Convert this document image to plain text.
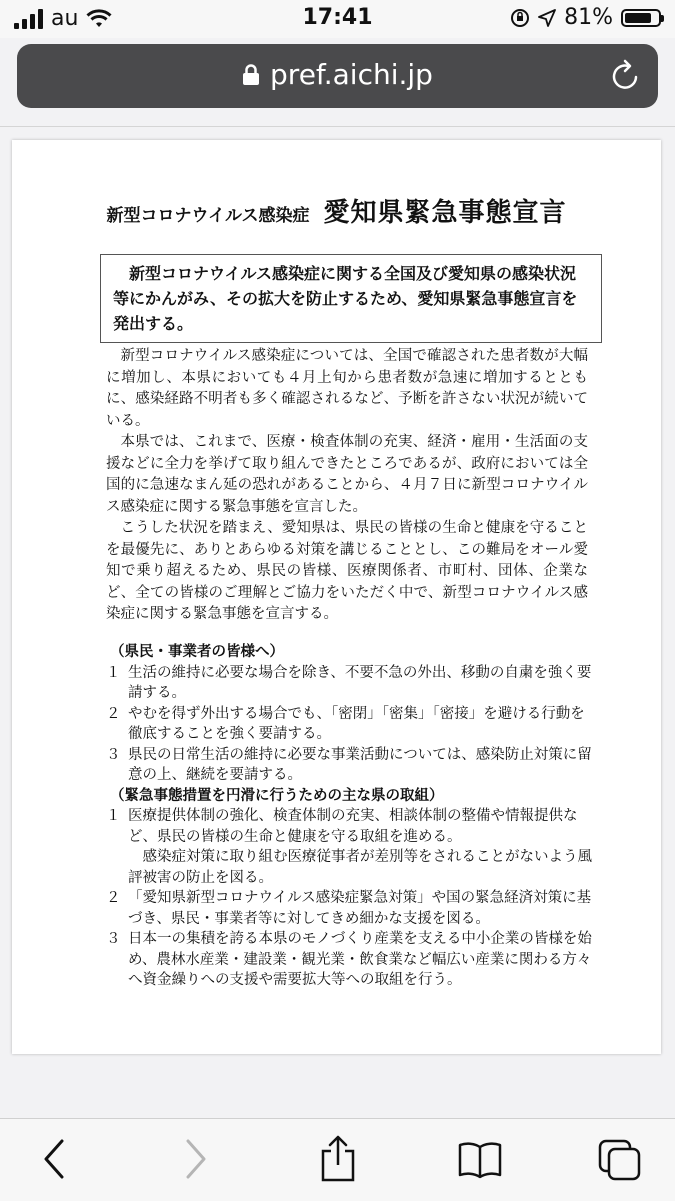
au	17:41	81%
pref.aichi.jp
新型コロナウイルス感染症 愛知県緊急事態宣言
新型コロナウイルス感染症に関する全国及び愛知県の感染状況等にかんがみ、その拡大を防止するため、愛知県緊急事態宣言を発出する。

新型コロナウイルス感染症については、全国で確認された患者数が大幅に増加し、本県においても４月上旬から患者数が急速に増加するとともに、感染経路不明者も多く確認されるなど、予断を許さない状況が続いている。

本県では、これまで、医療・検査体制の充実、経済・雇用・生活面の支援などに全力を挙げて取り組んできたところであるが、政府においては全国的に急速なまん延の恐れがあることから、４月７日に新型コロナウイルス感染症に関する緊急事態を宣言した。

こうした状況を踏まえ、愛知県は、県民の皆様の生命と健康を守ることを最優先に、ありとあらゆる対策を講じることとし、この難局をオール愛知で乗り超えるため、県民の皆様、医療関係者、市町村、団体、企業など、全ての皆様のご理解とご協力をいただく中で、新型コロナウイルス感染症に関する緊急事態を宣言する。

（県民・事業者の皆様へ）
１ 生活の維持に必要な場合を除き、不要不急の外出、移動の自粛を強く要請する。
２ やむを得ず外出する場合でも、「密閉」「密集」「密接」を避ける行動を徹底することを強く要請する。
３ 県民の日常生活の維持に必要な事業活動については、感染防止対策に留意の上、継続を要請する。
（緊急事態措置を円滑に行うための主な県の取組）
１ 医療提供体制の強化、検査体制の充実、相談体制の整備や情報提供など、県民の皆様の生命と健康を守る取組を進める。
感染症対策に取り組む医療従事者が差別等をされることがないよう風評被害の防止を図る。
２ 「愛知県新型コロナウイルス感染症緊急対策」や国の緊急経済対策に基づき、県民・事業者等に対してきめ細かな支援を図る。
３ 日本一の集積を誇る本県のモノづくり産業を支える中小企業の皆様を始め、農林水産業・建設業・観光業・飲食業など幅広い産業に関わる方々へ資金繰りへの支援や需要拡大等への取組を行う。
